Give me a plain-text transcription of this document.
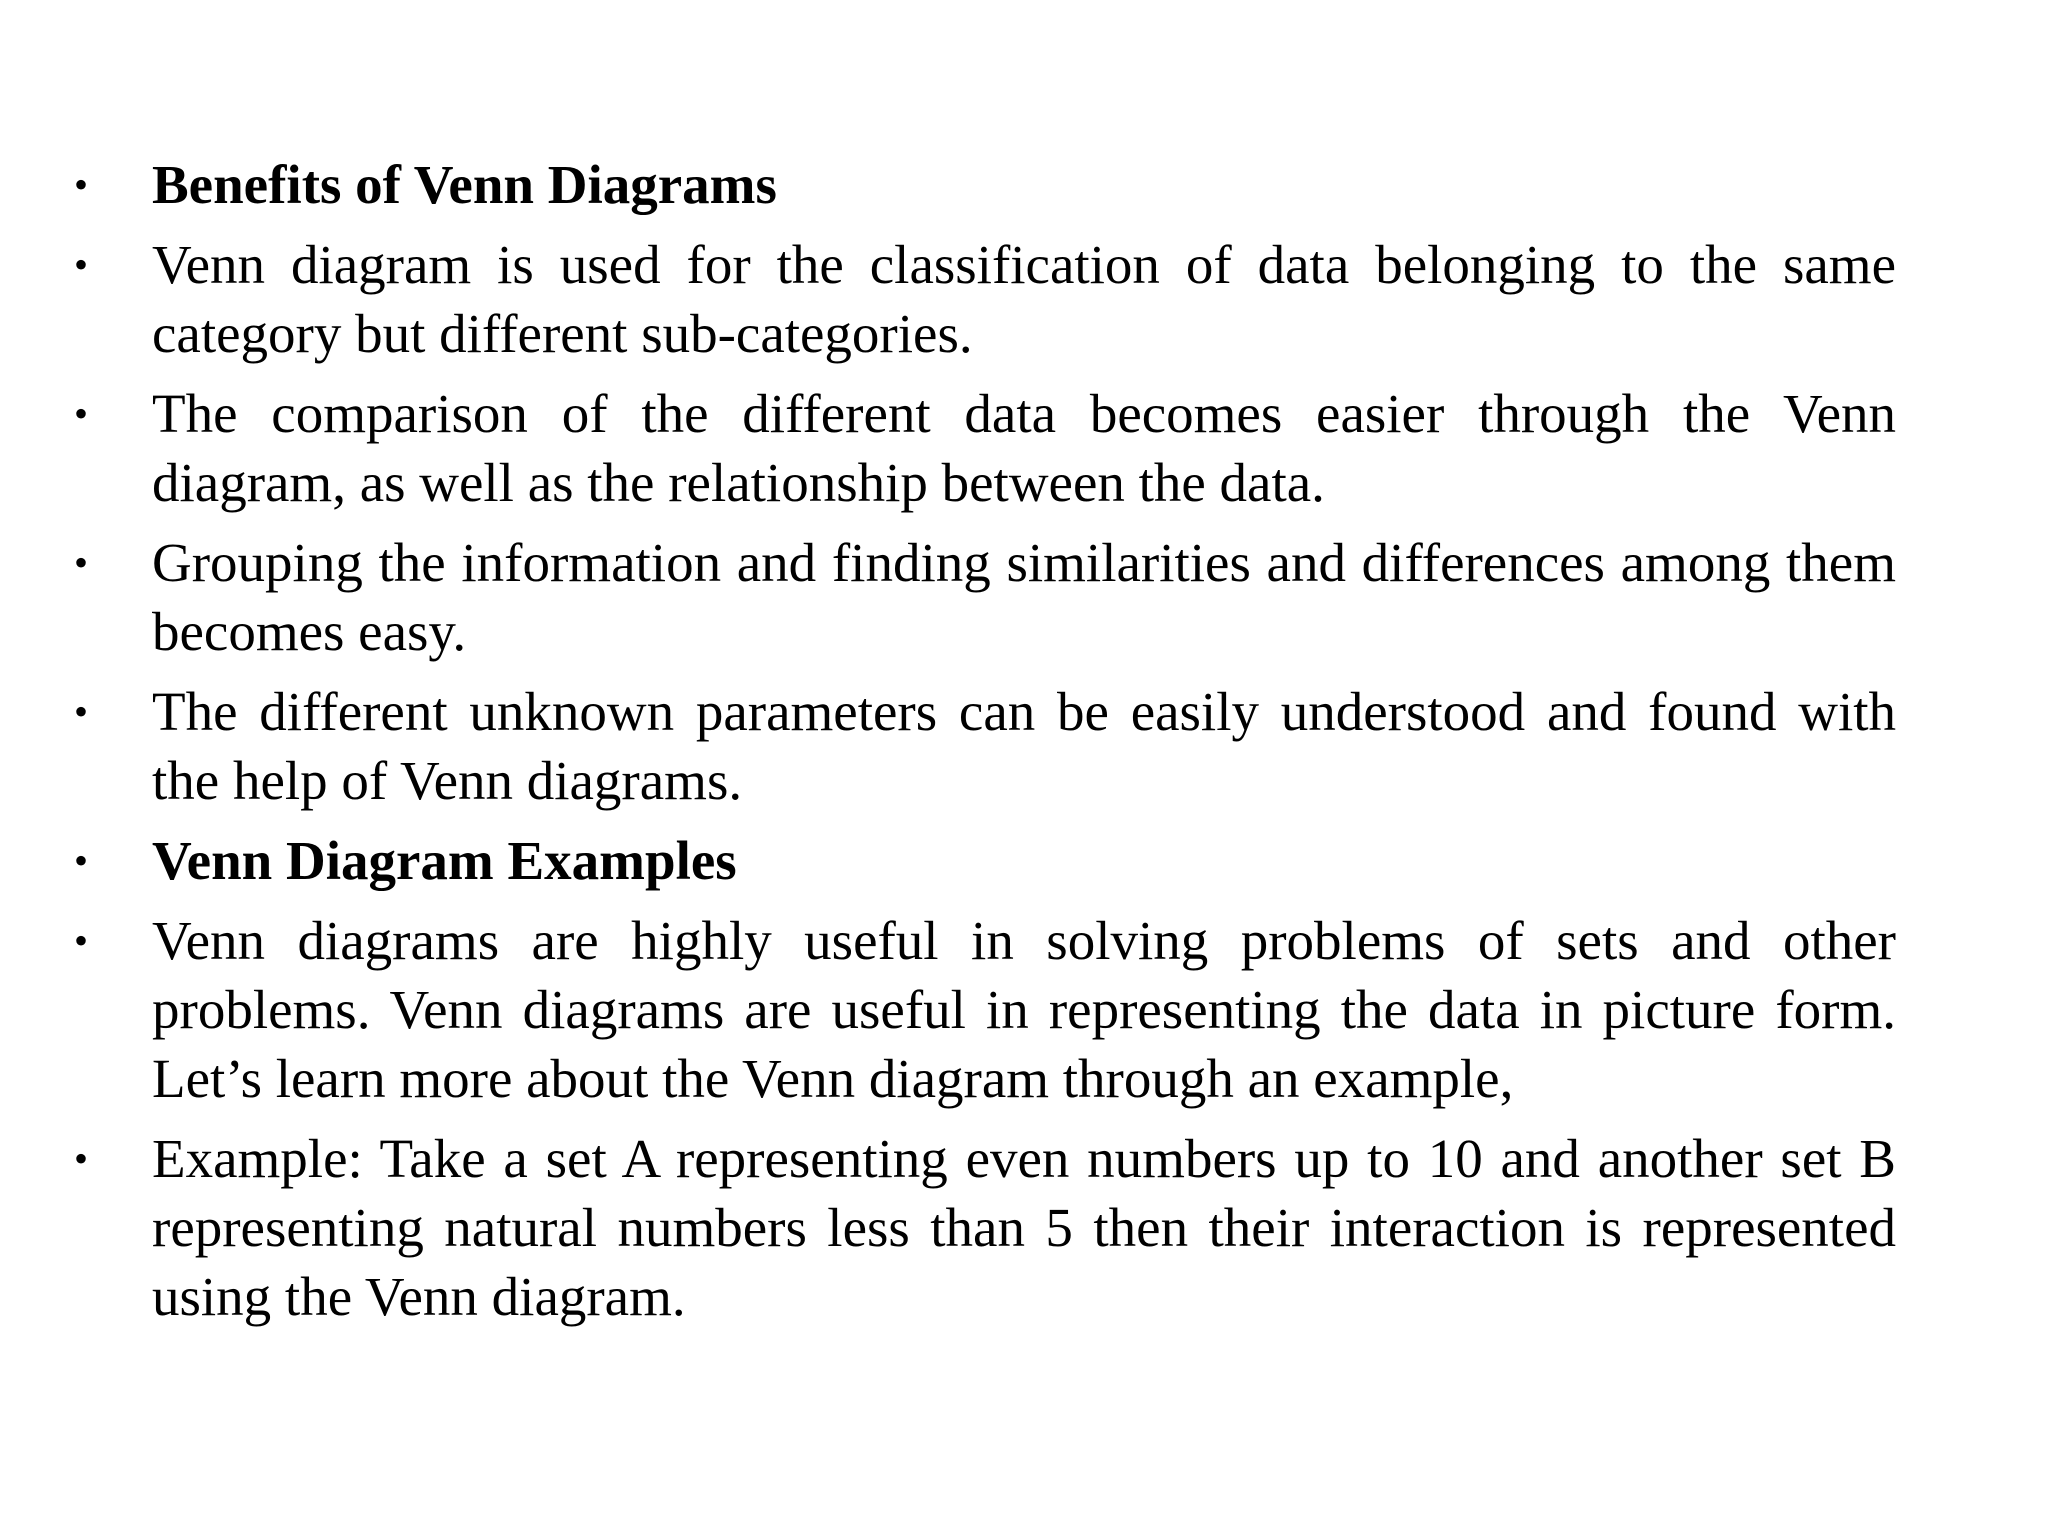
• Benefits of Venn Diagrams
• Venn diagram is used for the classification of data belonging to the same category but different sub-categories.
• The comparison of the different data becomes easier through the Venn diagram, as well as the relationship between the data.
• Grouping the information and finding similarities and differences among them becomes easy.
• The different unknown parameters can be easily understood and found with the help of Venn diagrams.
• Venn Diagram Examples
• Venn diagrams are highly useful in solving problems of sets and other problems. Venn diagrams are useful in representing the data in picture form. Let’s learn more about the Venn diagram through an example,
• Example: Take a set A representing even numbers up to 10 and another set B representing natural numbers less than 5 then their interaction is represented using the Venn diagram.
